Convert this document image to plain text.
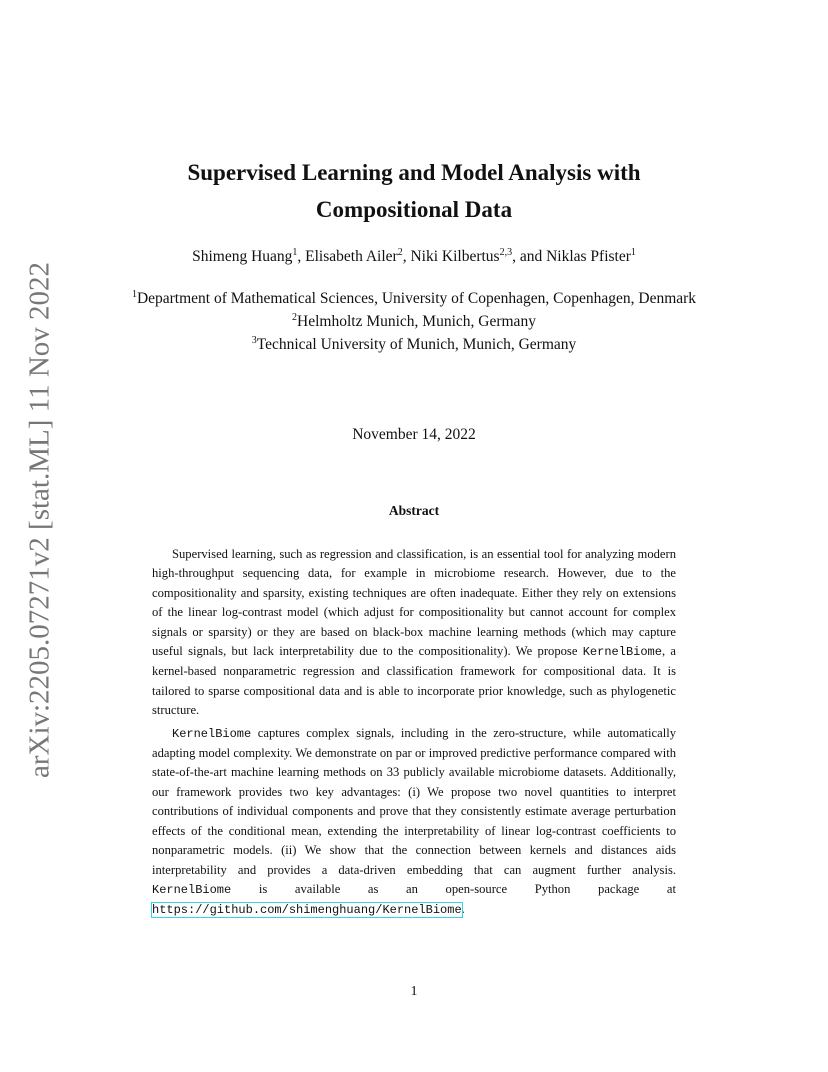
arXiv:2205.07271v2 [stat.ML] 11 Nov 2022
Supervised Learning and Model Analysis with
Compositional Data
Shimeng Huang$^1$, Elisabeth Ailer$^2$, Niki Kilbertus$^{2,3}$, and Niklas Pfister$^1$
$^1$Department of Mathematical Sciences, University of Copenhagen, Copenhagen, Denmark
$^2$Helmholtz Munich, Munich, Germany
$^3$Technical University of Munich, Munich, Germany
November 14, 2022
Abstract

Supervised learning, such as regression and classification, is an essential tool for analyzing modern high-throughput sequencing data, for example in microbiome research. However, due to the compositionality and sparsity, existing techniques are often inadequate. Either they rely on extensions of the linear log-contrast model (which adjust for compositionality but cannot account for complex signals or sparsity) or they are based on black-box machine learning methods (which may capture useful signals, but lack interpretability due to the compositionality). We propose KernelBiome, a kernel-based nonparametric regression and classification framework for compositional data. It is tailored to sparse compositional data and is able to incorporate prior knowledge, such as phylogenetic structure.

KernelBiome captures complex signals, including in the zero-structure, while automatically adapting model complexity. We demonstrate on par or improved predictive performance compared with state-of-the-art machine learning methods on 33 publicly available microbiome datasets. Additionally, our framework provides two key advantages: (i) We propose two novel quantities to interpret contributions of individual components and prove that they consistently estimate average perturbation effects of the conditional mean, extending the interpretability of linear log-contrast coefficients to nonparametric models. (ii) We show that the connection between kernels and distances aids interpretability and provides a data-driven embedding that can augment further analysis. KernelBiome is available as an open-source Python package at https://github.com/shimenghuang/KernelBiome.

1
